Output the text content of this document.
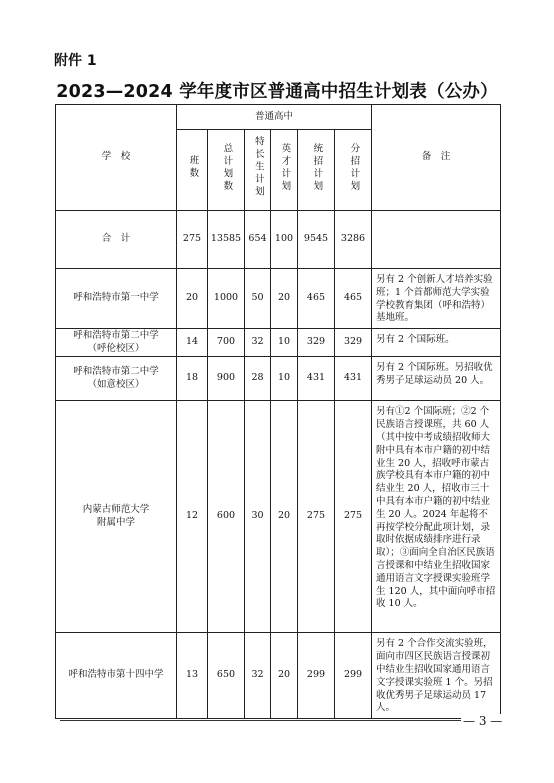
附件 1
2023—2024 学年度市区普通高中招生计划表（公办）
学　校	普通高中						备　注
	班数	总计划数	特长生计划	英才计划	统招计划	分招计划	
合　计	275	13585	654	100	9545	3286	

呼和浩特市第一中学	20	1000	50	20	465	465	另有 2 个创新人才培养实验班；1 个首都师范大学实验学校教育集团（呼和浩特）基地班。

呼和浩特市第二中学
（呼伦校区）	14	700	32	10	329	329	另有 2 个国际班。

呼和浩特市第二中学
（如意校区）	18	900	28	10	431	431	另有 2 个国际班。另招收优秀男子足球运动员 20 人。

内蒙古师范大学
附属中学	12	600	30	20	275	275	另有①2 个国际班；②2 个民族语言授课班，共 60 人（其中按中考成绩招收师大附中具有本市户籍的初中结业生 20 人，招收呼市蒙古族学校具有本市户籍的初中结业生 20 人，招收市三十中具有本市户籍的初中结业生 20 人。2024 年起将不再按学校分配此项计划，录取时依据成绩排序进行录取）；③面向全自治区民族语言授课和中结业生招收国家通用语言文字授课实验班学生 120 人，其中面向呼市招收 10 人。

呼和浩特市第十四中学	13	650	32	20	299	299	另有 2 个合作交流实验班，面向市四区民族语言授课初中结业生招收国家通用语言文字授课实验班 1 个。另招收优秀男子足球运动员 17 人。
— 3 —
